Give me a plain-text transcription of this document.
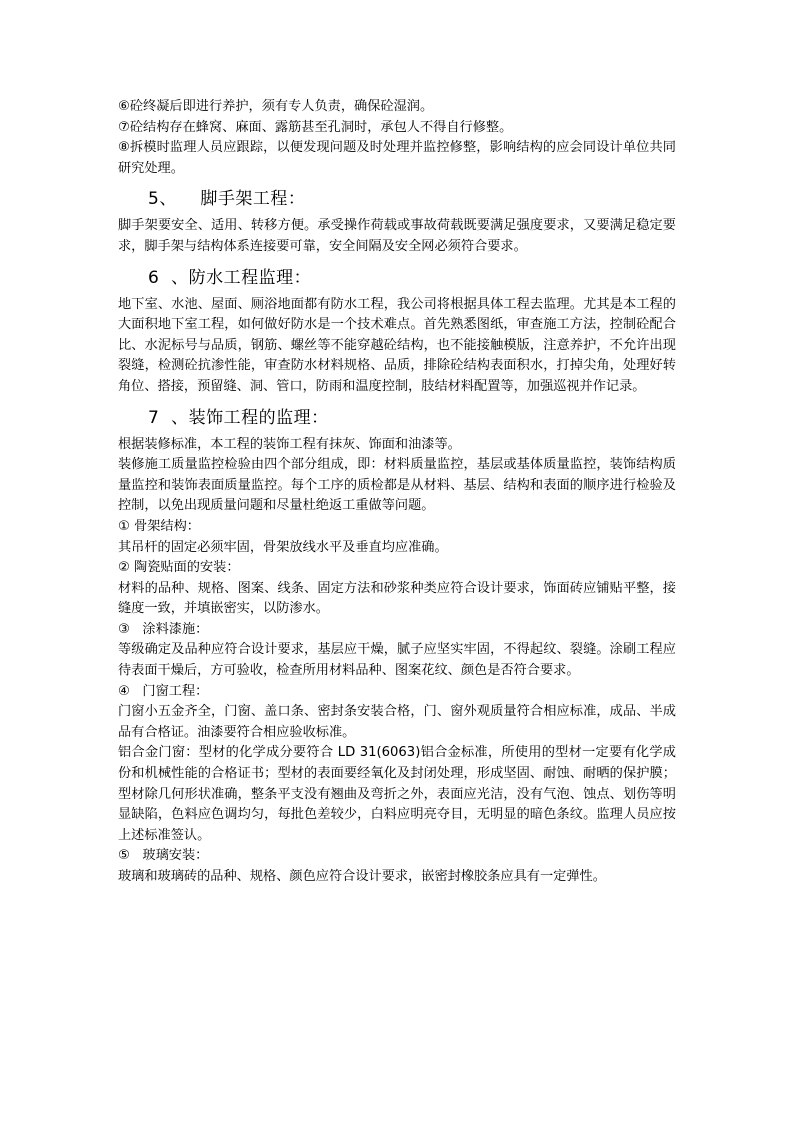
⑥砼终凝后即进行养护，须有专人负责，确保砼湿润。

⑦砼结构存在蜂窝、麻面、露筋甚至孔洞时，承包人不得自行修整。

⑧拆模时监理人员应跟踪，以便发现问题及时处理并监控修整，影响结构的应会同设计单位共同研究处理。

5、    脚手架工程：

脚手架要安全、适用、转移方便。承受操作荷载或事故荷载既要满足强度要求，又要满足稳定要求，脚手架与结构体系连接要可靠，安全间隔及安全网必须符合要求。

6  、防水工程监理：

地下室、水池、屋面、厕浴地面都有防水工程，我公司将根据具体工程去监理。尤其是本工程的大面积地下室工程，如何做好防水是一个技术难点。首先熟悉图纸，审查施工方法，控制砼配合比、水泥标号与品质，钢筋、螺丝等不能穿越砼结构，也不能接触模版，注意养护，不允许出现裂缝，检测砼抗渗性能，审查防水材料规格、品质，排除砼结构表面积水，打掉尖角，处理好转角位、搭接，预留缝、洞、管口，防雨和温度控制，肢结材料配置等，加强巡视并作记录。

7  、装饰工程的监理：

根据装修标准，本工程的装饰工程有抹灰、饰面和油漆等。

装修施工质量监控检验由四个部分组成，即：材料质量监控，基层或基体质量监控，装饰结构质量监控和装饰表面质量监控。每个工序的质检都是从材料、基层、结构和表面的顺序进行检验及控制，以免出现质量问题和尽量杜绝返工重做等问题。

① 骨架结构：

其吊杆的固定必须牢固，骨架放线水平及垂直均应准确。

② 陶瓷贴面的安装：

材料的品种、规格、图案、线条、固定方法和砂浆种类应符合设计要求，饰面砖应铺贴平整，接缝度一致，并填嵌密实，以防渗水。

③   涂料漆施：

等级确定及品种应符合设计要求，基层应干燥，腻子应坚实牢固，不得起纹、裂缝。涂刷工程应待表面干燥后，方可验收，检查所用材料品种、图案花纹、颜色是否符合要求。

④   门窗工程：

门窗小五金齐全，门窗、盖口条、密封条安装合格，门、窗外观质量符合相应标准，成品、半成品有合格证。油漆要符合相应验收标准。

铝合金门窗：型材的化学成分要符合 LD 31(6063)铝合金标准，所使用的型材一定要有化学成份和机械性能的合格证书；型材的表面要经氧化及封闭处理，形成坚固、耐蚀、耐晒的保护膜；型材除几何形状准确，整条平支没有翘曲及弯折之外，表面应光洁，没有气泡、蚀点、划伤等明显缺陷，色料应色调均匀，每批色差较少，白料应明亮夺目，无明显的暗色条纹。监理人员应按上述标准签认。

⑤   玻璃安装：

玻璃和玻璃砖的品种、规格、颜色应符合设计要求，嵌密封橡胶条应具有一定弹性。
